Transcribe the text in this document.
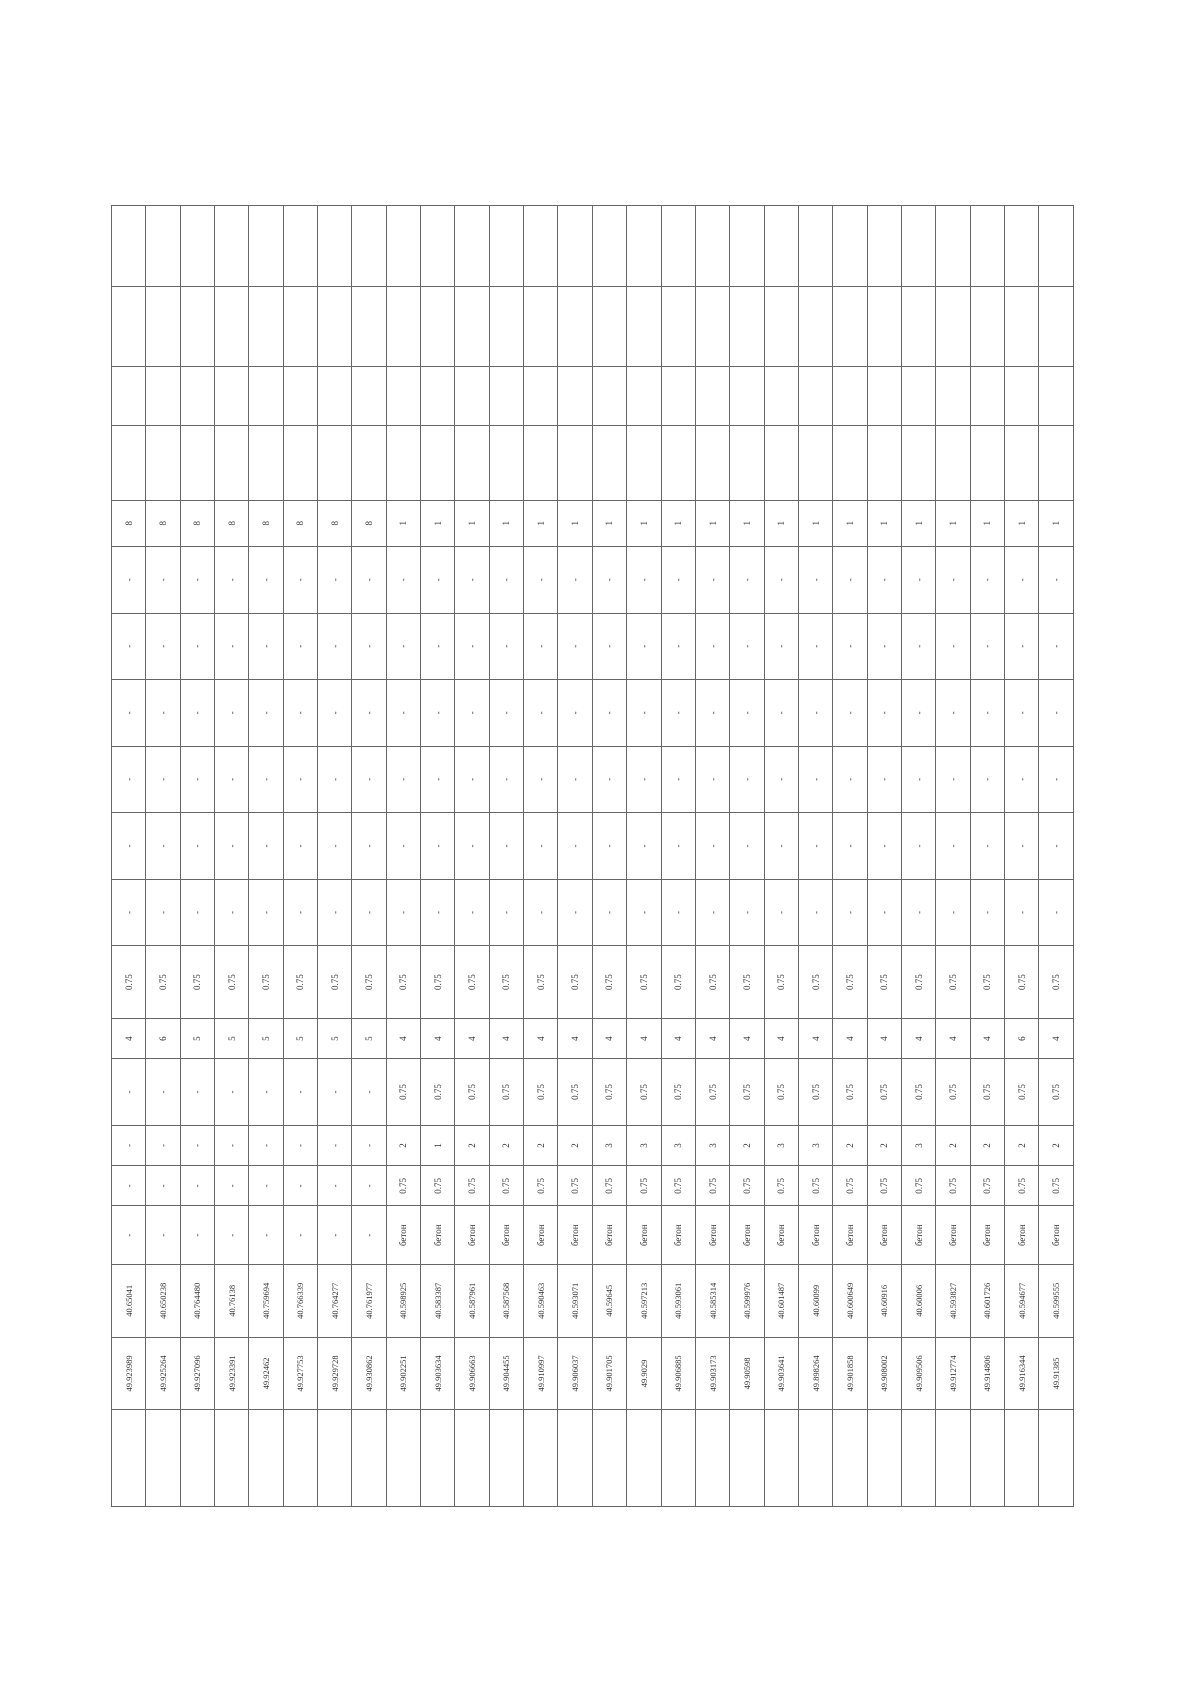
	49.923989	40.65041	-	-	-	-	4	0.75	-	-	-	-	-	-	8				
	49.925264	40.650238	-	-	-	-	6	0.75	-	-	-	-	-	-	8				
	49.927096	40.764480	-	-	-	-	5	0.75	-	-	-	-	-	-	8				
	49.923391	40.76138	-	-	-	-	5	0.75	-	-	-	-	-	-	8				
	49.92462	40.759694	-	-	-	-	5	0.75	-	-	-	-	-	-	8				
	49.927753	40.766339	-	-	-	-	5	0.75	-	-	-	-	-	-	8				
	49.929728	40.764277	-	-	-	-	5	0.75	-	-	-	-	-	-	8				
	49.930862	40.761977	-	-	-	-	5	0.75	-	-	-	-	-	-	8				
	49.902251	40.598925	бетон	0.75	2	0.75	4	0.75	-	-	-	-	-	-	1				
	49.903634	40.583387	бетон	0.75	1	0.75	4	0.75	-	-	-	-	-	-	1				
	49.906663	40.587961	бетон	0.75	2	0.75	4	0.75	-	-	-	-	-	-	1				
	49.904455	40.587568	бетон	0.75	2	0.75	4	0.75	-	-	-	-	-	-	1				
	49.910997	40.590463	бетон	0.75	2	0.75	4	0.75	-	-	-	-	-	-	1				
	49.906037	40.593071	бетон	0.75	2	0.75	4	0.75	-	-	-	-	-	-	1				
	49.901705	40.59645	бетон	0.75	3	0.75	4	0.75	-	-	-	-	-	-	1				
	49.9029	40.597213	бетон	0.75	3	0.75	4	0.75	-	-	-	-	-	-	1				
	49.906885	40.593061	бетон	0.75	3	0.75	4	0.75	-	-	-	-	-	-	1				
	49.903173	40.585314	бетон	0.75	3	0.75	4	0.75	-	-	-	-	-	-	1				
	49.90598	40.599976	бетон	0.75	2	0.75	4	0.75	-	-	-	-	-	-	1				
	49.903641	40.601487	бетон	0.75	3	0.75	4	0.75	-	-	-	-	-	-	1				
	49.898264	40.60099	бетон	0.75	3	0.75	4	0.75	-	-	-	-	-	-	1				
	49.901858	40.600649	бетон	0.75	2	0.75	4	0.75	-	-	-	-	-	-	1				
	49.908002	40.60916	бетон	0.75	2	0.75	4	0.75	-	-	-	-	-	-	1				
	49.909506	40.60006	бетон	0.75	3	0.75	4	0.75	-	-	-	-	-	-	1				
	49.912774	40.593827	бетон	0.75	2	0.75	4	0.75	-	-	-	-	-	-	1				
	49.914806	40.601726	бетон	0.75	2	0.75	4	0.75	-	-	-	-	-	-	1				
	49.916344	40.594677	бетон	0.75	2	0.75	6	0.75	-	-	-	-	-	-	1				
	49.91385	40.599555	бетон	0.75	2	0.75	4	0.75	-	-	-	-	-	-	1				
